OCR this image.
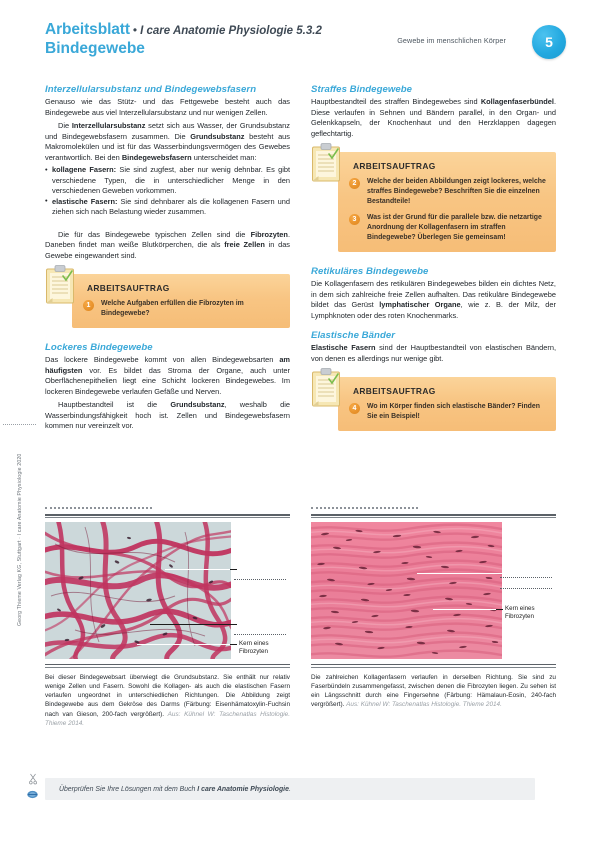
Arbeitsblatt • I care Anatomie Physiologie 5.3.2
Bindegewebe	Gewebe im menschlichen Körper	5
Interzellularsubstanz und Bindegewebsfasern

Genauso wie das Stütz- und das Fettgewebe besteht auch das Bindegewebe aus viel Interzellularsubstanz und nur wenigen Zellen.

Die Interzellularsubstanz setzt sich aus Wasser, der Grundsubstanz und Bindegewebsfasern zusammen. Die Grundsubstanz besteht aus Makromolekülen und ist für das Wasserbindungsvermögen des Gewebes verantwortlich. Bei den Bindegewebsfasern unterscheidet man:

• kollagene Fasern: Sie sind zugfest, aber nur wenig dehnbar. Es gibt verschiedene Typen, die in unterschiedlicher Menge in den verschiedenen Geweben vorkommen.
• elastische Fasern: Sie sind dehnbarer als die kollagenen Fasern und ziehen sich nach Belastung wieder zusammen.

Die für das Bindegewebe typischen Zellen sind die Fibrozyten. Daneben findet man weiße Blutkörperchen, die als freie Zellen in das Gewebe eingewandert sind.

ARBEITSAUFTRAG
1	Welche Aufgaben erfüllen die Fibrozyten im Bindegewebe?
Lockeres Bindegewebe

Das lockere Bindegewebe kommt von allen Bindegewebsarten am häufigsten vor. Es bildet das Stroma der Organe, auch unter Oberflächenepithelien liegt eine Schicht lockeren Bindegewebes. Im lockeren Bindegewebe verlaufen Gefäße und Nerven.

Hauptbestandteil ist die Grundsubstanz, weshalb die Wasserbindungsfähigkeit hoch ist. Zellen und Bindegewebsfasern kommen nur vereinzelt vor.

Straffes Bindegewebe

Hauptbestandteil des straffen Bindegewebes sind Kollagenfaserbündel. Diese verlaufen in Sehnen und Bändern parallel, in den Organ- und Gelenkkapseln, der Knochenhaut und den Herzklappen dagegen geflechtartig.

ARBEITSAUFTRAG
2	Welche der beiden Abbildungen zeigt lockeres, welche straffes Bindegewebe? Beschriften Sie die einzelnen Bestandteile!
3	Was ist der Grund für die parallele bzw. die netzartige Anordnung der Kollagenfasern im straffen Bindegewebe? Überlegen Sie gemeinsam!
Retikuläres Bindegewebe

Die Kollagenfasern des retikulären Bindegewebes bilden ein dichtes Netz, in dem sich zahlreiche freie Zellen aufhalten. Das retikuläre Bindegewebe bildet das Gerüst lymphatischer Organe, wie z. B. der Milz, der Lymphknoten oder des roten Knochenmarks.

Elastische Bänder

Elastische Fasern sind der Hauptbestandteil von elastischen Bändern, von denen es allerdings nur wenige gibt.

ARBEITSAUFTRAG
4	Wo im Körper finden sich elastische Bänder? Finden Sie ein Beispiel!
Kern eines
Fibrozyten
Bei dieser Bindegewebsart überwiegt die Grundsubstanz. Sie enthält nur relativ wenige Zellen und Fasern. Sowohl die Kollagen- als auch die elastischen Fasern verlaufen ungeordnet in unterschiedlichen Richtungen. Die Abbildung zeigt Bindegewebe aus dem Gekröse des Darms (Färbung: Eisenhämatoxylin-Fuchsin nach van Gieson, 200-fach vergrößert). Aus: Kühnel W: Taschenatlas Histologie. Thieme 2014.
Kern eines
Fibrozyten
Die zahlreichen Kollagenfasern verlaufen in derselben Richtung. Sie sind zu Faserbündeln zusammengefasst, zwischen denen die Fibrozyten liegen. Zu sehen ist ein Längsschnitt durch eine Fingersehne (Färbung: Hämalaun-Eosin, 240-fach vergrößert). Aus: Kühnel W: Taschenatlas Histologie. Thieme 2014.
Überprüfen Sie Ihre Lösungen mit dem Buch I care Anatomie Physiologie.
Georg Thieme Verlag KG, Stuttgart · I care Anatomie Physiologie 2020
